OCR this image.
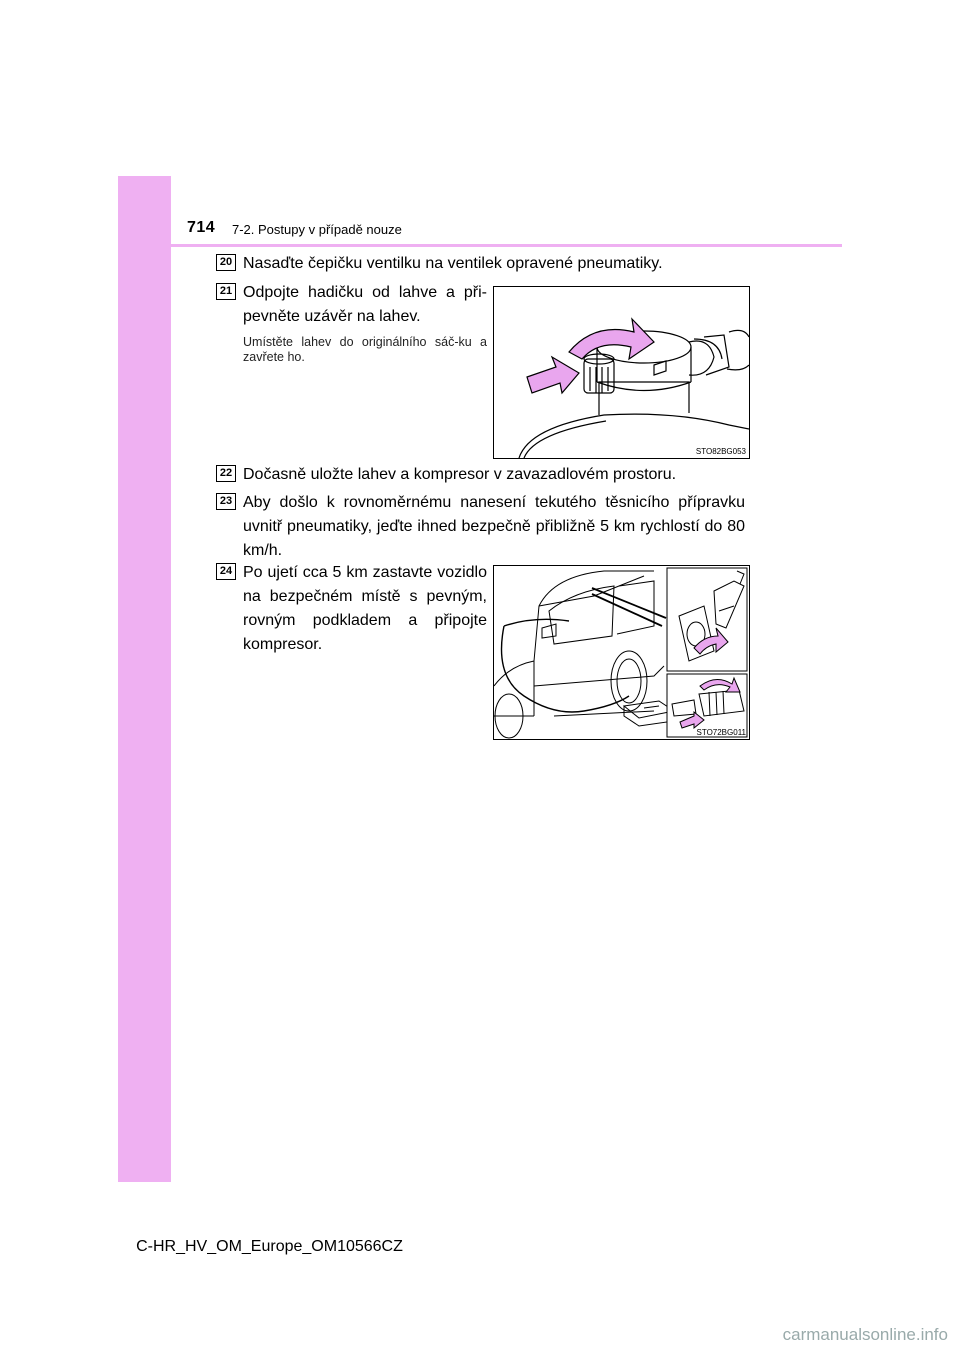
714 7-2. Postupy v případě nouze
20 Nasaďte čepičku ventilku na ventilek opravené pneumatiky.
21 Odpojte hadičku od lahve a při-pevněte uzávěr na lahev.
Umístěte lahev do originálního sáč-ku a zavřete ho.
STO82BG053
22 Dočasně uložte lahev a kompresor v zavazadlovém prostoru.
23 Aby došlo k rovnoměrnému nanesení tekutého těsnicího přípravku uvnitř pneumatiky, jeďte ihned bezpečně přibližně 5 km rychlostí do 80 km/h.
24 Po ujetí cca 5 km zastavte vozidlo na bezpečném místě s pevným, rovným podkladem a připojte kompresor.
STO72BG011
C-HR_HV_OM_Europe_OM10566CZ
carmanualsonline.info
